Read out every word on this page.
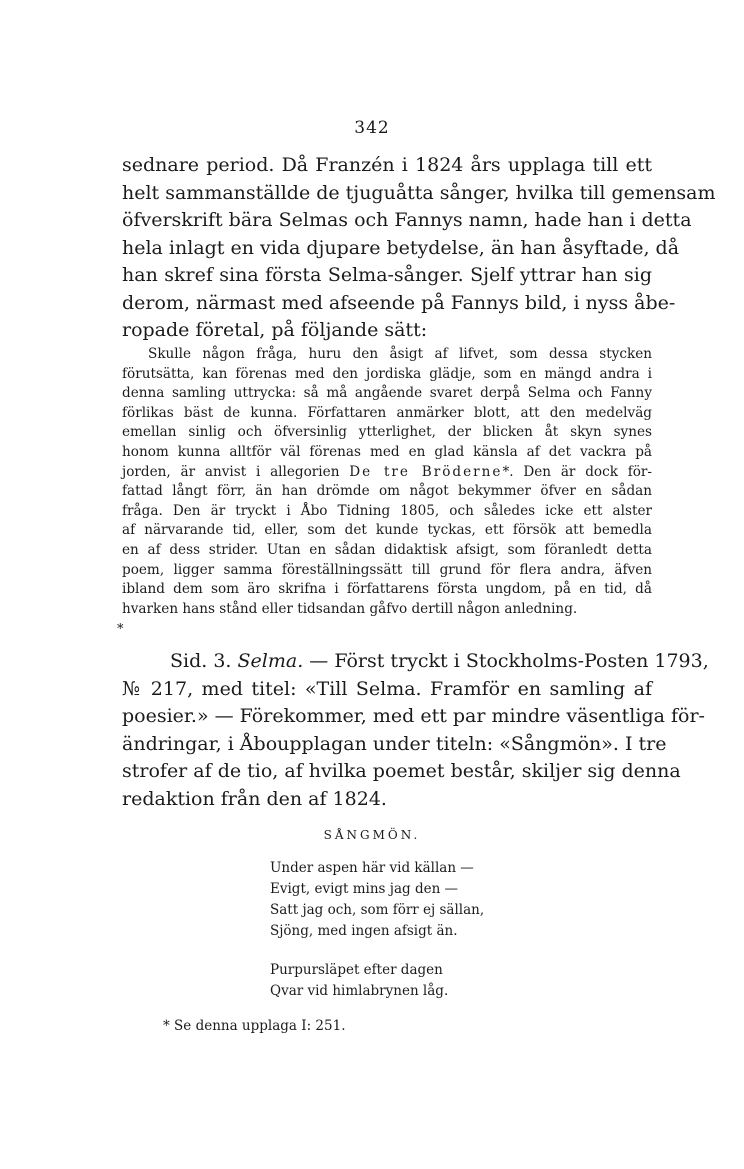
342
sednare period. Då Franzén i 1824 års upplaga till ett
helt sammanställde de tjuguåtta sånger, hvilka till gemensam
öfverskrift bära Selmas och Fannys namn, hade han i detta
hela inlagt en vida djupare betydelse, än han åsyftade, då
han skref sina första Selma-sånger. Sjelf yttrar han sig
derom, närmast med afseende på Fannys bild, i nyss åbe-
ropade företal, på följande sätt:
Skulle någon fråga, huru den åsigt af lifvet, som dessa stycken
förutsätta, kan förenas med den jordiska glädje, som en mängd andra i
denna samling uttrycka: så må angående svaret derpå Selma och Fanny
förlikas bäst de kunna. Författaren anmärker blott, att den medelväg
emellan sinlig och öfversinlig ytterlighet, der blicken åt skyn synes
honom kunna alltför väl förenas med en glad känsla af det vackra på
jorden, är anvist i allegorien De tre Bröderne*. Den är dock för-
fattad långt förr, än han drömde om något bekymmer öfver en sådan
fråga. Den är tryckt i Åbo Tidning 1805, och således icke ett alster
af närvarande tid, eller, som det kunde tyckas, ett försök att bemedla
en af dess strider. Utan en sådan didaktisk afsigt, som föranledt detta
poem, ligger samma föreställningssätt till grund för flera andra, äfven
ibland dem som äro skrifna i författarens första ungdom, på en tid, då
hvarken hans stånd eller tidsandan gåfvo dertill någon anledning.
*
Sid. 3. Selma. — Först tryckt i Stockholms-Posten 1793,
№ 217, med titel: «Till Selma. Framför en samling af
poesier.» — Förekommer, med ett par mindre väsentliga för-
ändringar, i Åboupplagan under titeln: «Sångmön». I tre
strofer af de tio, af hvilka poemet består, skiljer sig denna
redaktion från den af 1824.
SÅNGMÖN.
Under aspen här vid källan —
Evigt, evigt mins jag den —
Satt jag och, som förr ej sällan,
Sjöng, med ingen afsigt än.
Purpursläpet efter dagen
Qvar vid himlabrynen låg.
* Se denna upplaga I: 251.
